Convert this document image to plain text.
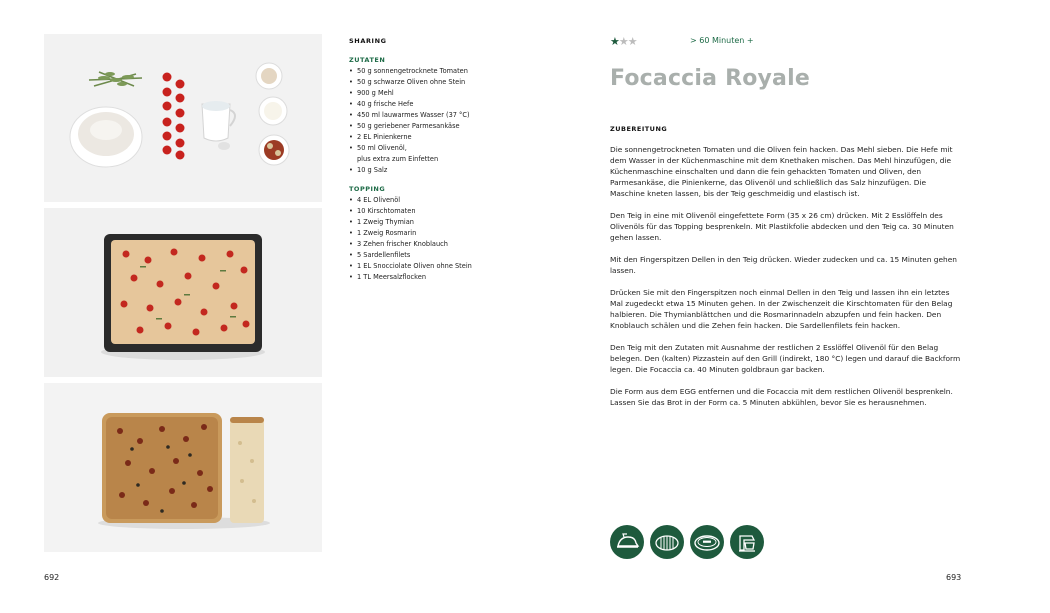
692
SHARING
ZUTATEN
• 50 g sonnengetrocknete Tomaten
• 50 g schwarze Oliven ohne Stein
• 900 g Mehl
• 40 g frische Hefe
• 450 ml lauwarmes Wasser (37 °C)
• 50 g geriebener Parmesankäse
• 2 EL Pinienkerne
• 50 ml Olivenöl,
plus extra zum Einfetten
• 10 g Salz
TOPPING
• 4 EL Olivenöl
• 10 Kirschtomaten
• 1 Zweig Thymian
• 1 Zweig Rosmarin
• 3 Zehen frischer Knoblauch
• 5 Sardellenfilets
• 1 EL Snocciolate Oliven ohne Stein
• 1 TL Meersalzflocken
★★★	> 60 Minuten +
Focaccia Royale
ZUBEREITUNG

Die sonnengetrockneten Tomaten und die Oliven fein hacken. Das Mehl sieben. Die Hefe mit dem Wasser in der Küchenmaschine mit dem Knethaken mischen. Das Mehl hinzufügen, die Küchenmaschine einschalten und dann die fein gehackten Tomaten und Oliven, den Parmesankäse, die Pinienkerne, das Olivenöl und schließlich das Salz hinzufügen. Die Maschine kneten lassen, bis der Teig geschmeidig und elastisch ist.

Den Teig in eine mit Olivenöl eingefettete Form (35 x 26 cm) drücken. Mit 2 Esslöffeln des Olivenöls für das Topping besprenkeln. Mit Plastikfolie abdecken und den Teig ca. 30 Minuten gehen lassen.

Mit den Fingerspitzen Dellen in den Teig drücken. Wieder zudecken und ca. 15 Minuten gehen lassen.

Drücken Sie mit den Fingerspitzen noch einmal Dellen in den Teig und lassen ihn ein letztes Mal zugedeckt etwa 15 Minuten gehen. In der Zwischenzeit die Kirschtomaten für den Belag halbieren. Die Thymianblättchen und die Rosmarinnadeln abzupfen und fein hacken. Den Knoblauch schälen und die Zehen fein hacken. Die Sardellenfilets fein hacken.

Den Teig mit den Zutaten mit Ausnahme der restlichen 2 Esslöffel Olivenöl für den Belag belegen. Den (kalten) Pizzastein auf den Grill (indirekt, 180 °C) legen und darauf die Backform legen. Die Focaccia ca. 40 Minuten goldbraun gar backen.

Die Form aus dem EGG entfernen und die Focaccia mit dem restlichen Olivenöl besprenkeln. Lassen Sie das Brot in der Form ca. 5 Minuten abkühlen, bevor Sie es herausnehmen.

693
